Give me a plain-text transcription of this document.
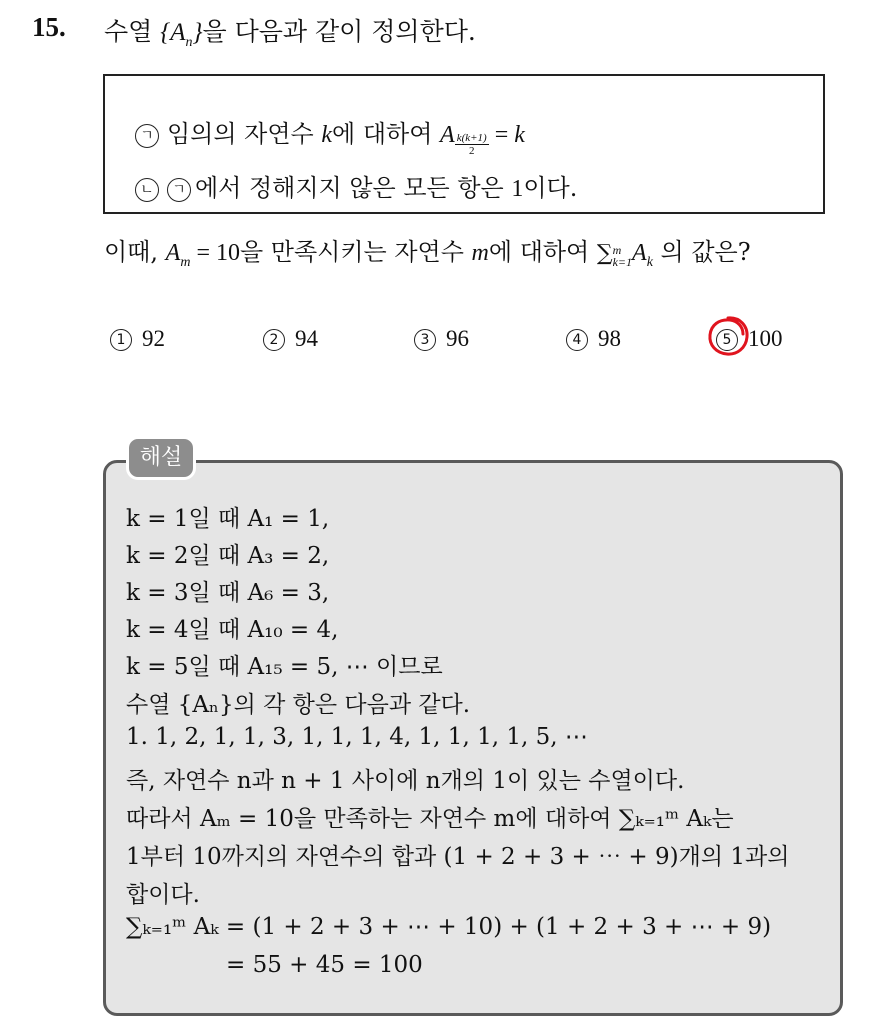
15. 수열 $\{A_n\}$을 다음과 같이 정의한다.
ㄱ 임의의 자연수 k에 대하여 A $\frac{k(k+1)}{2} = k$
ㄴ ㄱ 에서 정해지지 않은 모든 항은 1이다.
이때, $A_m = 10$을 만족시키는 자연수 m에 대하여 ∑ m
k=1 $A_k$ 의 값은?
1 92	2 94	3 96	4 98	5 100
해설
k = 1일 때 A₁ = 1,
k = 2일 때 A₃ = 2,
k = 3일 때 A₆ = 3,
k = 4일 때 A₁₀ = 4,
k = 5일 때 A₁₅ = 5, ⋯ 이므로
수열 {Aₙ}의 각 항은 다음과 같다.
1. 1, 2, 1, 1, 3, 1, 1, 1, 4, 1, 1, 1, 1, 5, ⋯
즉, 자연수 n과 n + 1 사이에 n개의 1이 있는 수열이다.
따라서 Aₘ = 10을 만족하는 자연수 m에 대하여 ∑ₖ₌₁ᵐ Aₖ는
1부터 10까지의 자연수의 합과 (1 + 2 + 3 + ⋯ + 9)개의 1과의
합이다.
∑ₖ₌₁ᵐ Aₖ = (1 + 2 + 3 + ⋯ + 10) + (1 + 2 + 3 + ⋯ + 9)
= 55 + 45 = 100
